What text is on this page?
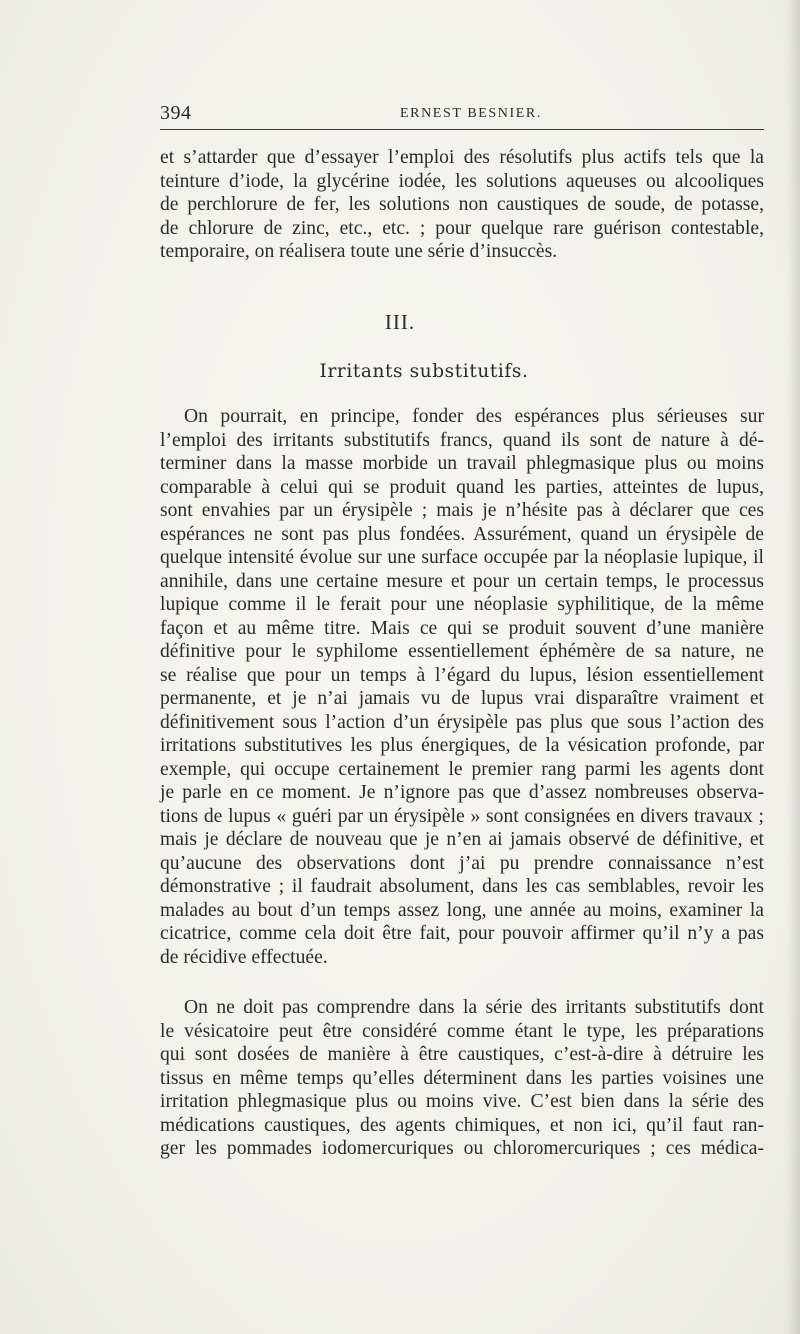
394	ERNEST BESNIER.
et s’attarder que d’essayer l’emploi des résolutifs plus actifs tels que la
teinture d’iode, la glycérine iodée, les solutions aqueuses ou alcooliques
de perchlorure de fer, les solutions non caustiques de soude, de potasse,
de chlorure de zinc, etc., etc. ; pour quelque rare guérison contestable,
temporaire, on réalisera toute une série d’insuccès.
III.
Irritants substitutifs.
On pourrait, en principe, fonder des espérances plus sérieuses sur
l’emploi des irritants substitutifs francs, quand ils sont de nature à dé-
terminer dans la masse morbide un travail phlegmasique plus ou moins
comparable à celui qui se produit quand les parties, atteintes de lupus,
sont envahies par un érysipèle ; mais je n’hésite pas à déclarer que ces
espérances ne sont pas plus fondées. Assurément, quand un érysipèle de
quelque intensité évolue sur une surface occupée par la néoplasie lupique, il
annihile, dans une certaine mesure et pour un certain temps, le processus
lupique comme il le ferait pour une néoplasie syphilitique, de la même
façon et au même titre. Mais ce qui se produit souvent d’une manière
définitive pour le syphilome essentiellement éphémère de sa nature, ne
se réalise que pour un temps à l’égard du lupus, lésion essentiellement
permanente, et je n’ai jamais vu de lupus vrai disparaître vraiment et
définitivement sous l’action d’un érysipèle pas plus que sous l’action des
irritations substitutives les plus énergiques, de la vésication profonde, par
exemple, qui occupe certainement le premier rang parmi les agents dont
je parle en ce moment. Je n’ignore pas que d’assez nombreuses observa-
tions de lupus « guéri par un érysipèle » sont consignées en divers travaux ;
mais je déclare de nouveau que je n’en ai jamais observé de définitive, et
qu’aucune des observations dont j’ai pu prendre connaissance n’est
démonstrative ; il faudrait absolument, dans les cas semblables, revoir les
malades au bout d’un temps assez long, une année au moins, examiner la
cicatrice, comme cela doit être fait, pour pouvoir affirmer qu’il n’y a pas
de récidive effectuée.
On ne doit pas comprendre dans la série des irritants substitutifs dont
le vésicatoire peut être considéré comme étant le type, les préparations
qui sont dosées de manière à être caustiques, c’est-à-dire à détruire les
tissus en même temps qu’elles déterminent dans les parties voisines une
irritation phlegmasique plus ou moins vive. C’est bien dans la série des
médications caustiques, des agents chimiques, et non ici, qu’il faut ran-
ger les pommades iodomercuriques ou chloromercuriques ; ces médica-
